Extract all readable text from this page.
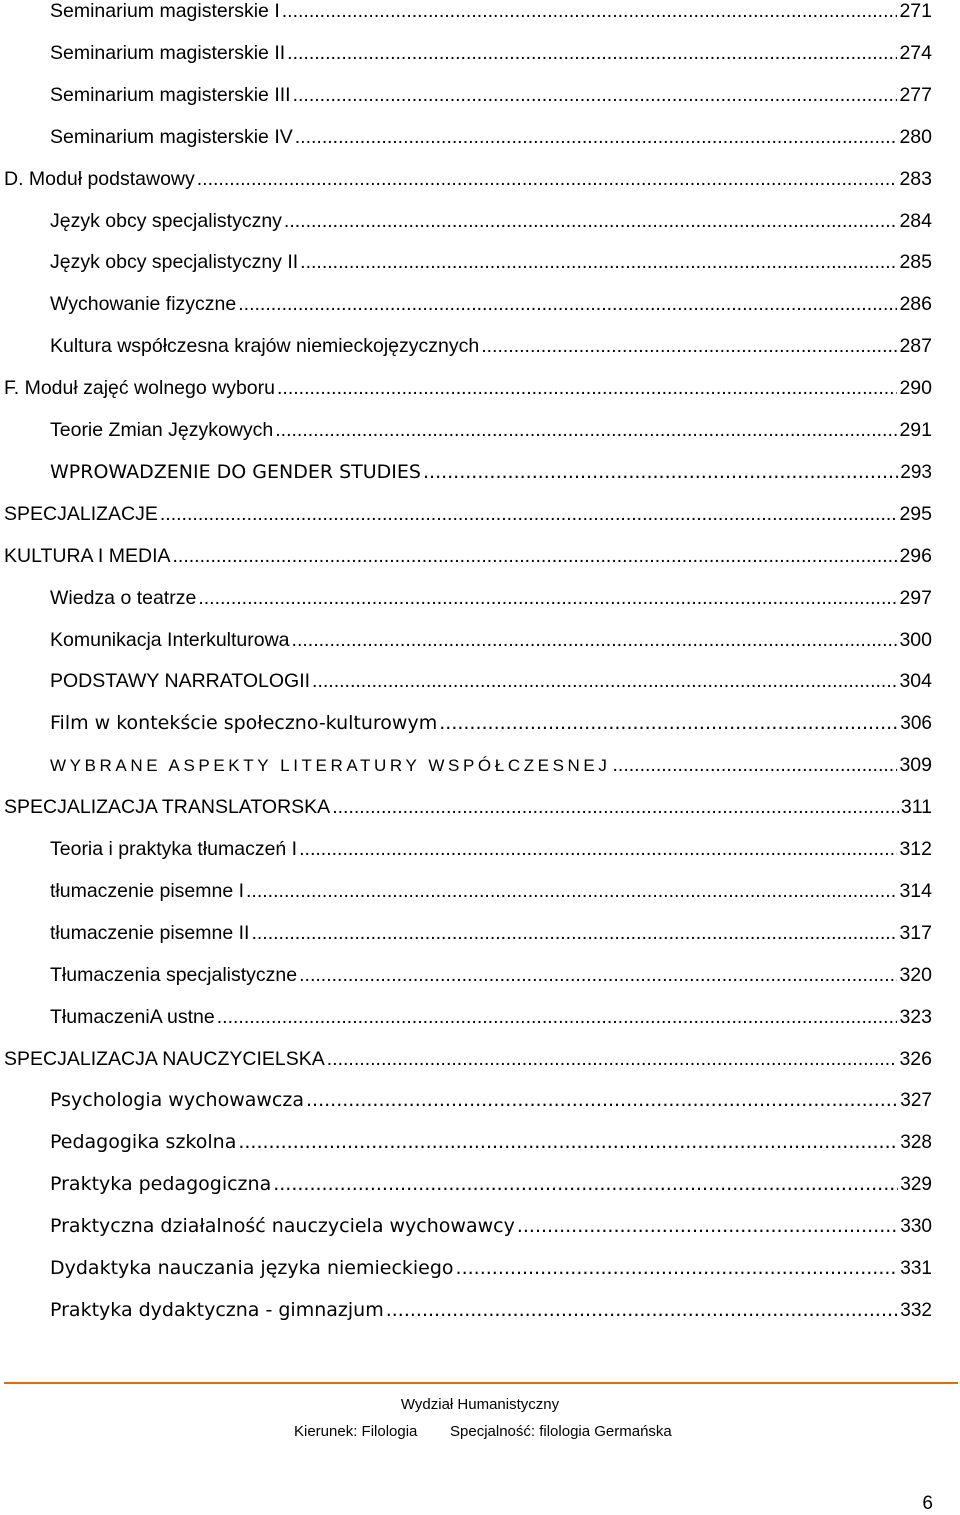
Seminarium magisterskie I .....	271
Seminarium magisterskie II .....	274
Seminarium magisterskie III .....	277
Seminarium magisterskie IV .....	280
D. Moduł podstawowy .....	283
Język obcy specjalistyczny .....	284
Język obcy specjalistyczny II .....	285
Wychowanie fizyczne .....	286
Kultura współczesna krajów niemieckojęzycznych .....	287
F. Moduł zajęć wolnego wyboru .....	290
Teorie Zmian Językowych .....	291
WPROWADZENIE DO GENDER STUDIES .....	293
SPECJALIZACJE .....	295
KULTURA I MEDIA .....	296
Wiedza o teatrze .....	297
Komunikacja Interkulturowa .....	300
PODSTAWY NARRATOLOGII .....	304
Film w kontekście społeczno-kulturowym .....	306
WYBRANE ASPEKTY LITERATURY WSPÓŁCZESNEJ .....	309
SPECJALIZACJA TRANSLATORSKA .....	311
Teoria i praktyka tłumaczeń I .....	312
tłumaczenie pisemne I .....	314
tłumaczenie pisemne II .....	317
Tłumaczenia specjalistyczne .....	320
TłumaczeniA ustne .....	323
SPECJALIZACJA NAUCZYCIELSKA .....	326
Psychologia wychowawcza .....	327
Pedagogika szkolna .....	328
Praktyka pedagogiczna .....	329
Praktyczna działalność nauczyciela wychowawcy .....	330
Dydaktyka nauczania języka niemieckiego .....	331
Praktyka dydaktyczna - gimnazjum .....	332
Wydział Humanistyczny
Kierunek: Filologia Specjalność: filologia Germańska
6
